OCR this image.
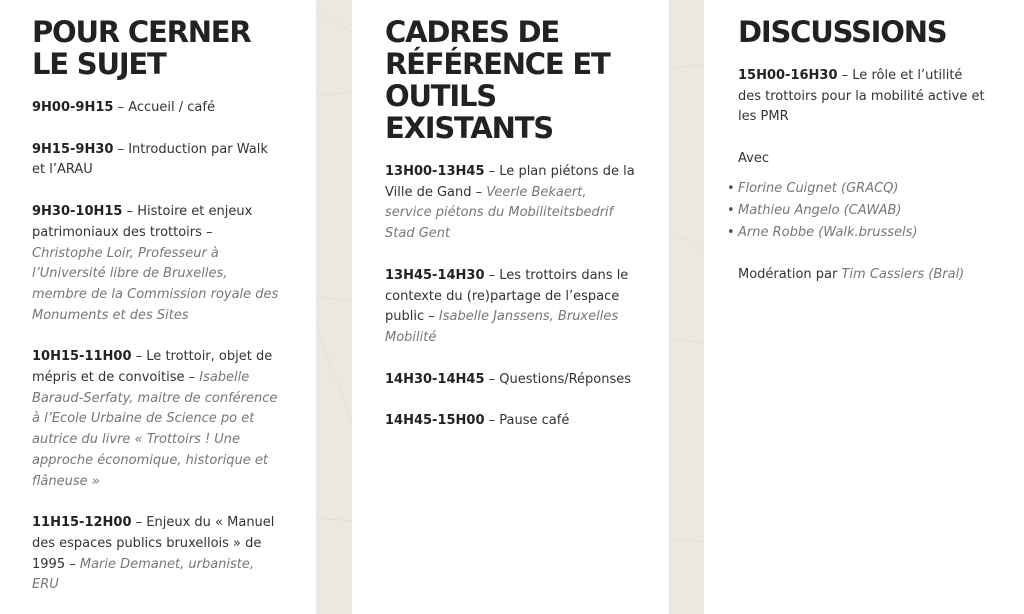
POUR CERNER
LE SUJET

9H00-9H15 – Accueil / café

9H15-9H30 – Introduction par Walk et l’ARAU

9H30-10H15 – Histoire et enjeux patrimoniaux des trottoirs – Christophe Loir, Professeur à l’Université libre de Bruxelles, membre de la Commission royale des Monuments et des Sites

10H15-11H00 – Le trottoir, objet de mépris et de convoitise – Isabelle Baraud-Serfaty, maitre de conférence à l’Ecole Urbaine de Science po et autrice du livre « Trottoirs ! Une approche économique, historique et flâneuse »

11H15-12H00 – Enjeux du « Manuel des espaces publics bruxellois » de 1995 – Marie Demanet, urbaniste, ERU

CADRES DE
RÉFÉRENCE ET
OUTILS
EXISTANTS

13H00-13H45 – Le plan piétons de la Ville de Gand – Veerle Bekaert, service piétons du Mobiliteitsbedrif Stad Gent

13H45-14H30 – Les trottoirs dans le contexte du (re)partage de l’espace public – Isabelle Janssens, Bruxelles Mobilité

14H30-14H45 – Questions/Réponses

14H45-15H00 – Pause café

DISCUSSIONS

15H00-16H30 – Le rôle et l’utilité des trottoirs pour la mobilité active et les PMR

Avec

• Florine Cuignet (GRACQ)
• Mathieu Angelo (CAWAB)
• Arne Robbe (Walk.brussels)

Modération par Tim Cassiers (Bral)
